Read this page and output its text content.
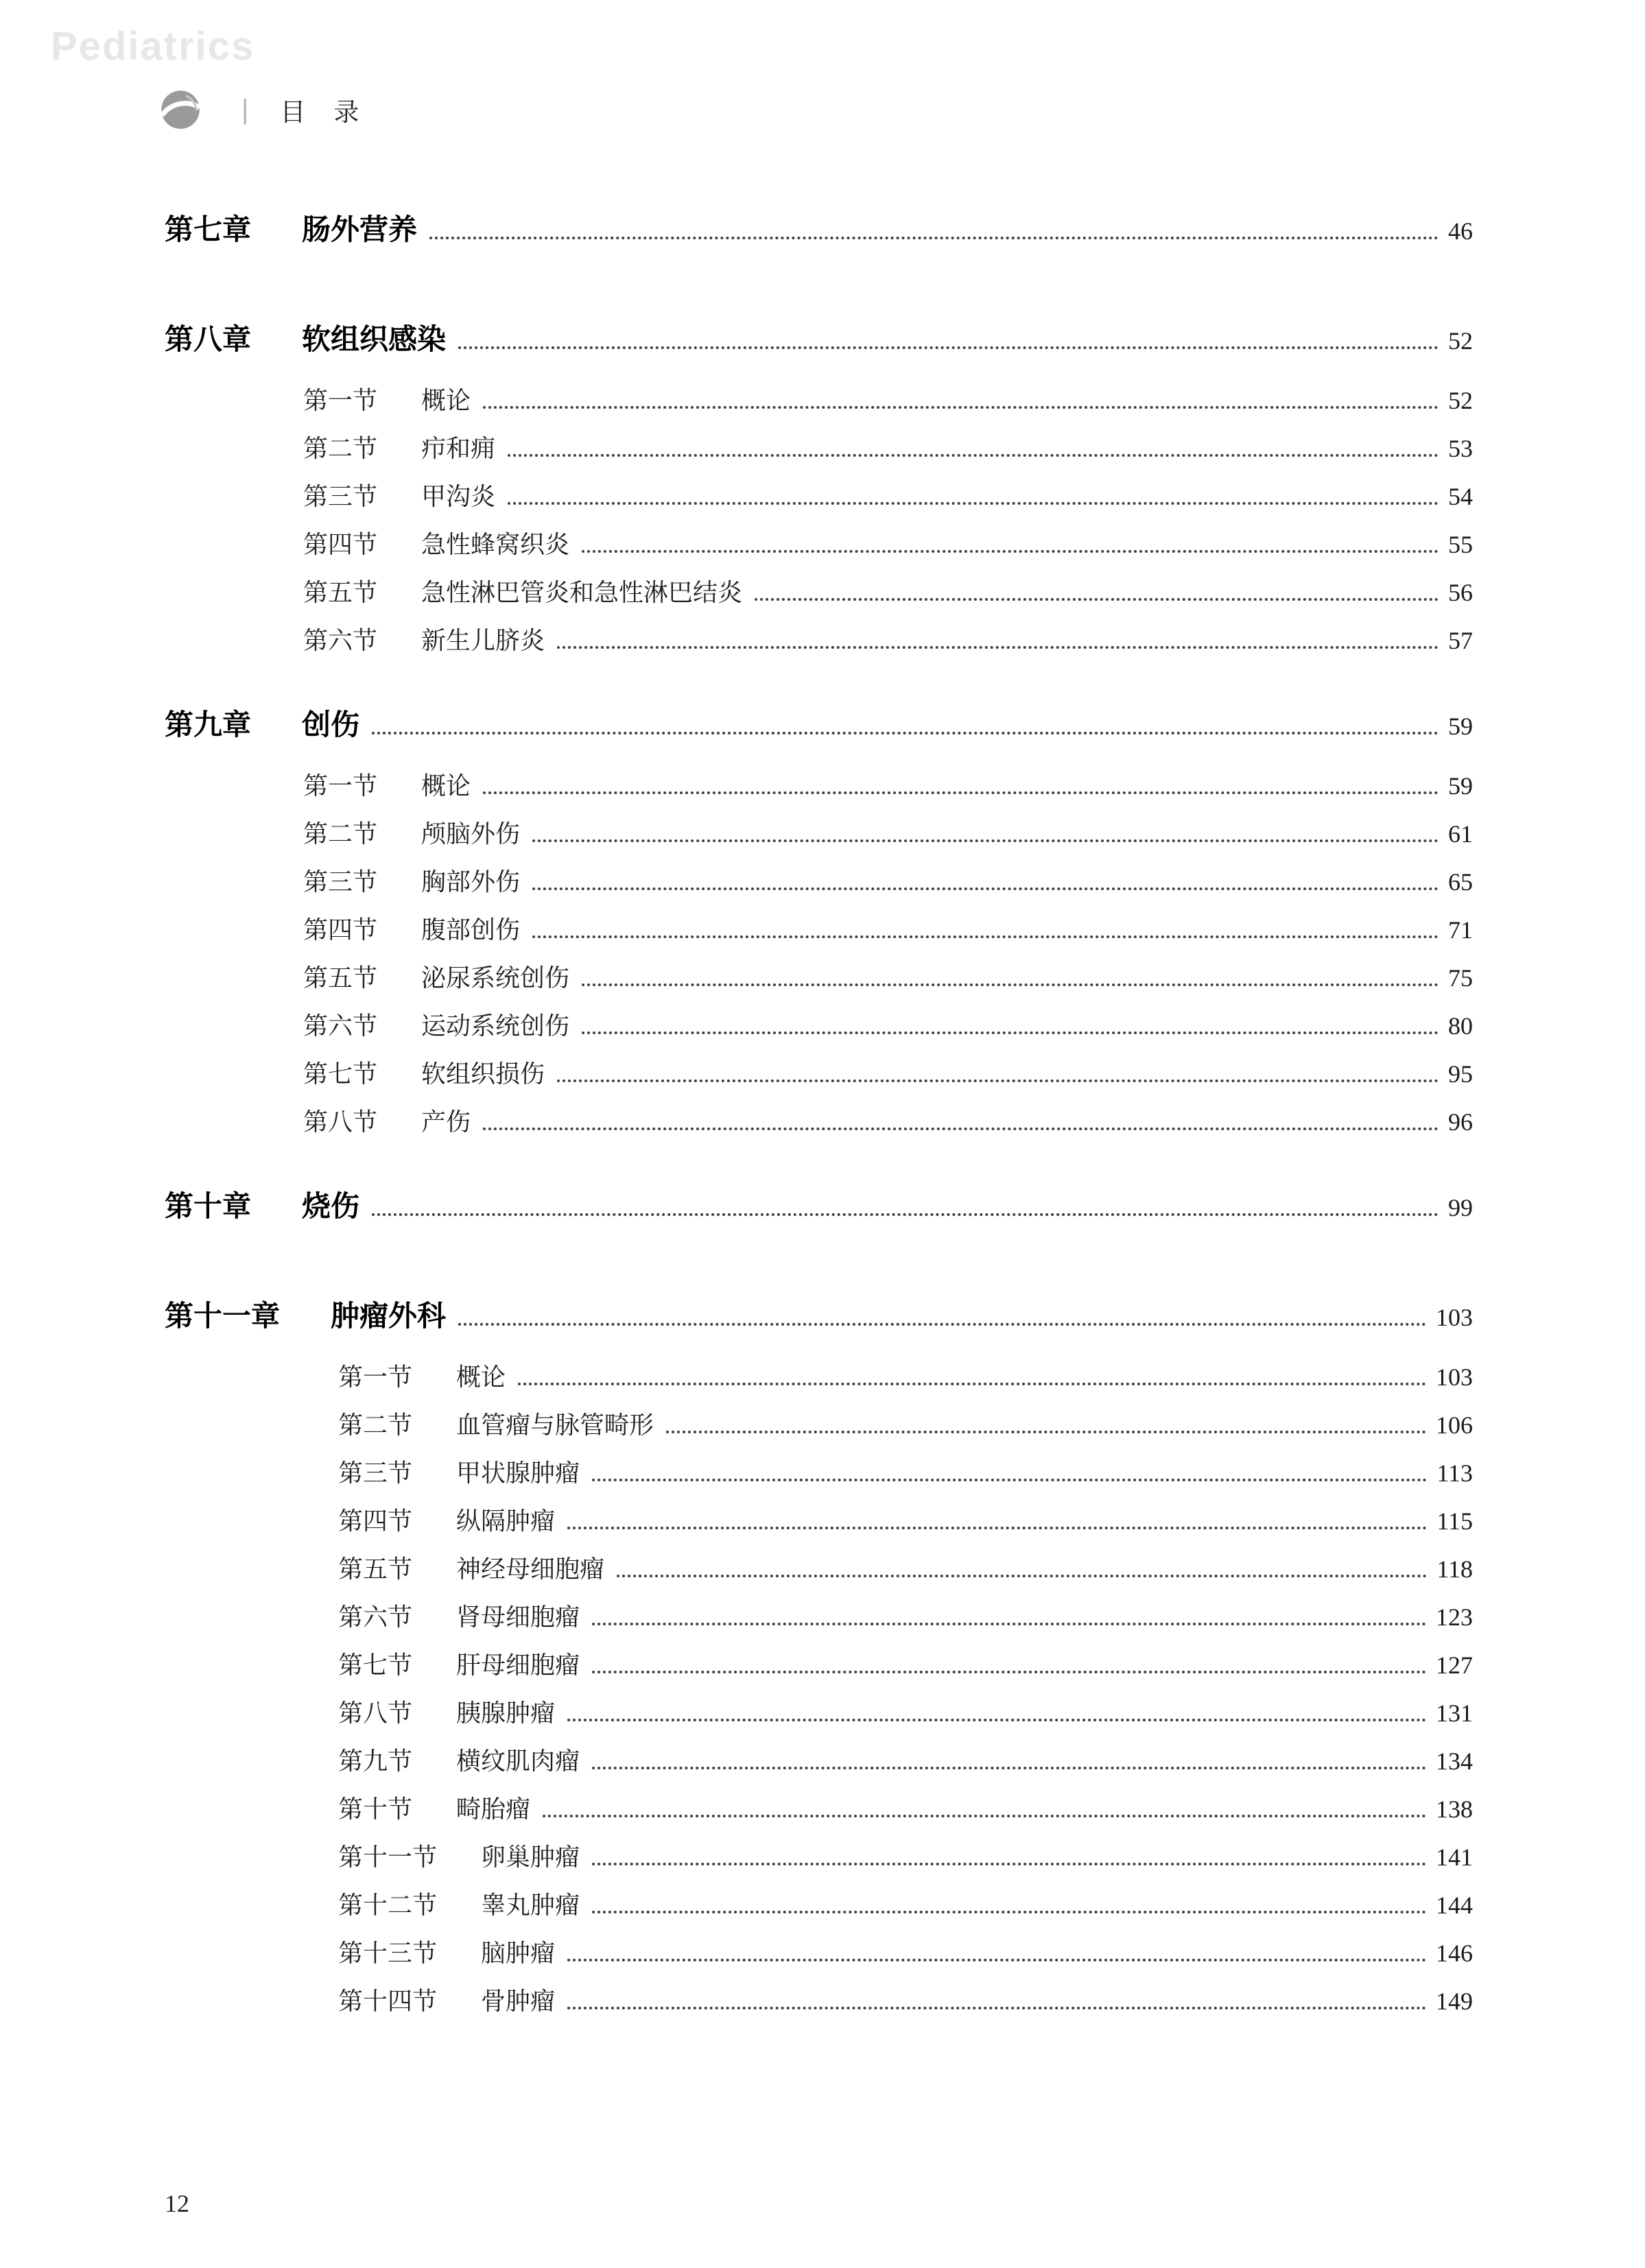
Pediatrics
| 目　录
第七章 肠外营养	46
第八章 软组织感染	52
第一节 概论	52
第二节 疖和痈	53
第三节 甲沟炎	54
第四节 急性蜂窝织炎	55
第五节 急性淋巴管炎和急性淋巴结炎	56
第六节 新生儿脐炎	57
第九章 创伤	59
第一节 概论	59
第二节 颅脑外伤	61
第三节 胸部外伤	65
第四节 腹部创伤	71
第五节 泌尿系统创伤	75
第六节 运动系统创伤	80
第七节 软组织损伤	95
第八节 产伤	96
第十章 烧伤	99
第十一章 肿瘤外科	103
第一节 概论	103
第二节 血管瘤与脉管畸形	106
第三节 甲状腺肿瘤	113
第四节 纵隔肿瘤	115
第五节 神经母细胞瘤	118
第六节 肾母细胞瘤	123
第七节 肝母细胞瘤	127
第八节 胰腺肿瘤	131
第九节 横纹肌肉瘤	134
第十节 畸胎瘤	138
第十一节 卵巢肿瘤	141
第十二节 睾丸肿瘤	144
第十三节 脑肿瘤	146
第十四节 骨肿瘤	149
12
